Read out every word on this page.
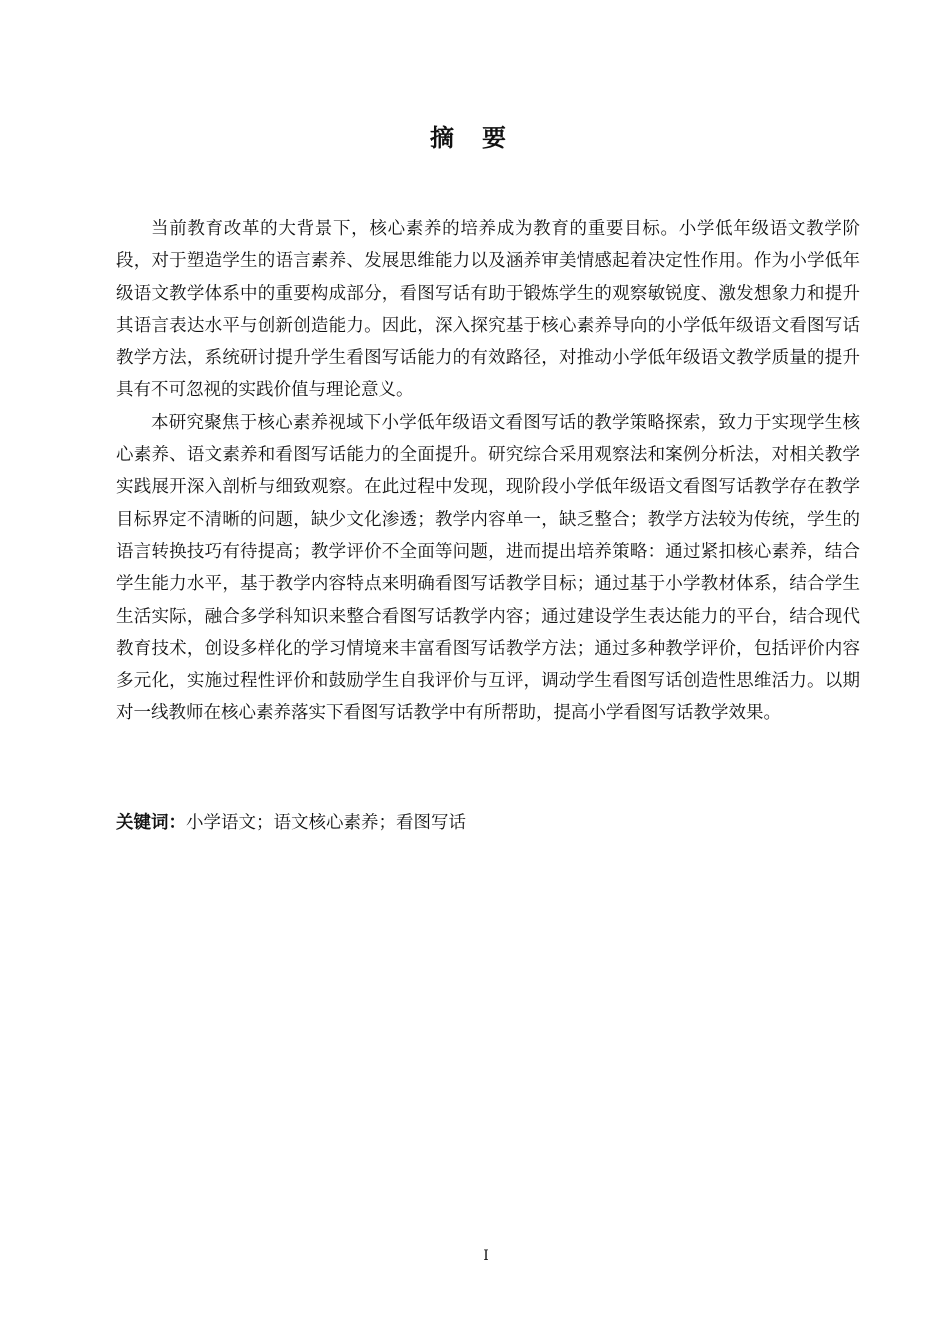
摘要

当前教育改革的大背景下，核心素养的培养成为教育的重要目标。小学低年级语文教学阶段，对于塑造学生的语言素养、发展思维能力以及涵养审美情感起着决定性作用。作为小学低年级语文教学体系中的重要构成部分，看图写话有助于锻炼学生的观察敏锐度、激发想象力和提升其语言表达水平与创新创造能力。因此，深入探究基于核心素养导向的小学低年级语文看图写话教学方法，系统研讨提升学生看图写话能力的有效路径，对推动小学低年级语文教学质量的提升具有不可忽视的实践价值与理论意义。

本研究聚焦于核心素养视域下小学低年级语文看图写话的教学策略探索，致力于实现学生核心素养、语文素养和看图写话能力的全面提升。研究综合采用观察法和案例分析法，对相关教学实践展开深入剖析与细致观察。在此过程中发现，现阶段小学低年级语文看图写话教学存在教学目标界定不清晰的问题，缺少文化渗透；教学内容单一，缺乏整合；教学方法较为传统，学生的语言转换技巧有待提高；教学评价不全面等问题，进而提出培养策略：通过紧扣核心素养，结合学生能力水平，基于教学内容特点来明确看图写话教学目标；通过基于小学教材体系，结合学生生活实际，融合多学科知识来整合看图写话教学内容；通过建设学生表达能力的平台，结合现代教育技术，创设多样化的学习情境来丰富看图写话教学方法；通过多种教学评价，包括评价内容多元化，实施过程性评价和鼓励学生自我评价与互评，调动学生看图写话创造性思维活力。以期对一线教师在核心素养落实下看图写话教学中有所帮助，提高小学看图写话教学效果。

关键词：小学语文；语文核心素养；看图写话
I
